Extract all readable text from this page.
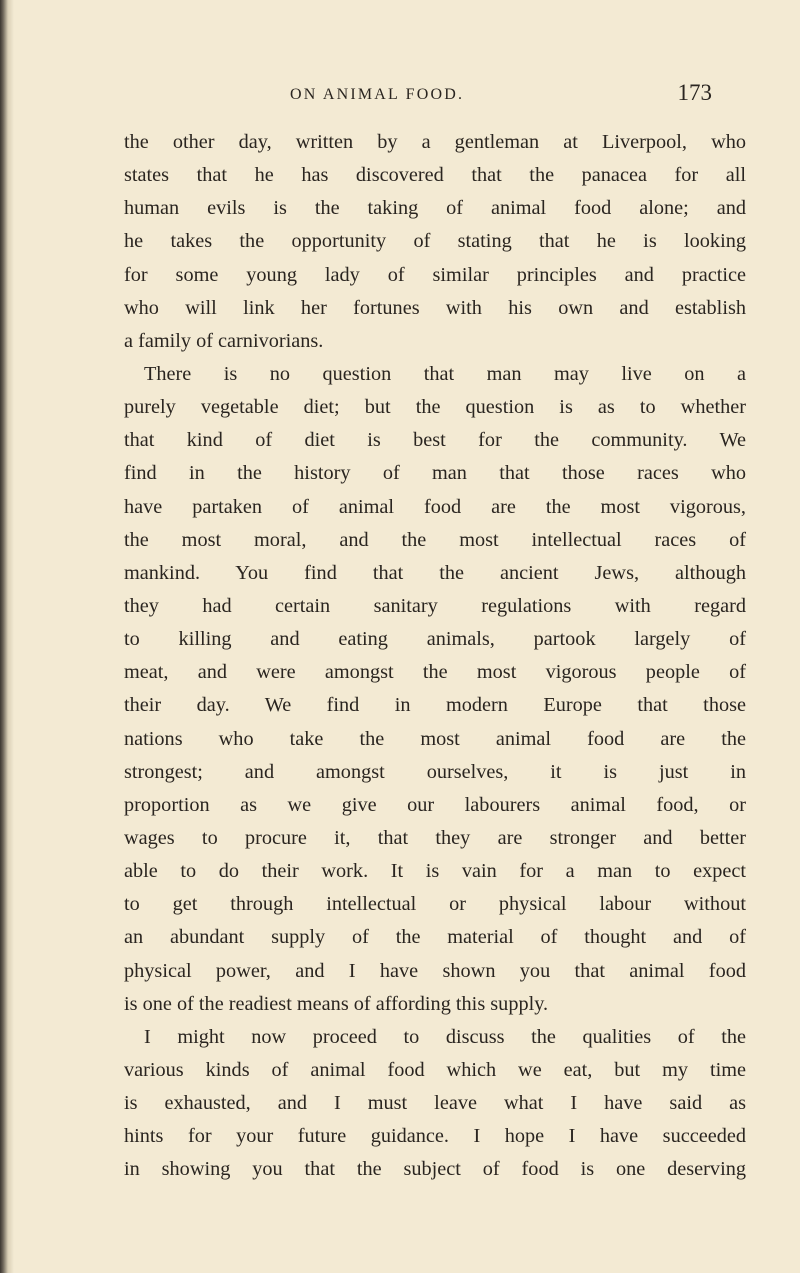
ON ANIMAL FOOD.	173
the other day, written by a gentleman at Liverpool, who
states that he has discovered that the panacea for all
human evils is the taking of animal food alone; and
he takes the opportunity of stating that he is looking
for some young lady of similar principles and practice
who will link her fortunes with his own and establish
a family of carnivorians.
There is no question that man may live on a
purely vegetable diet; but the question is as to whether
that kind of diet is best for the community. We
find in the history of man that those races who
have partaken of animal food are the most vigorous,
the most moral, and the most intellectual races of
mankind. You find that the ancient Jews, although
they had certain sanitary regulations with regard
to killing and eating animals, partook largely of
meat, and were amongst the most vigorous people of
their day. We find in modern Europe that those
nations who take the most animal food are the
strongest; and amongst ourselves, it is just in
proportion as we give our labourers animal food, or
wages to procure it, that they are stronger and better
able to do their work. It is vain for a man to expect
to get through intellectual or physical labour without
an abundant supply of the material of thought and of
physical power, and I have shown you that animal food
is one of the readiest means of affording this supply.
I might now proceed to discuss the qualities of the
various kinds of animal food which we eat, but my time
is exhausted, and I must leave what I have said as
hints for your future guidance. I hope I have succeeded
in showing you that the subject of food is one deserving
